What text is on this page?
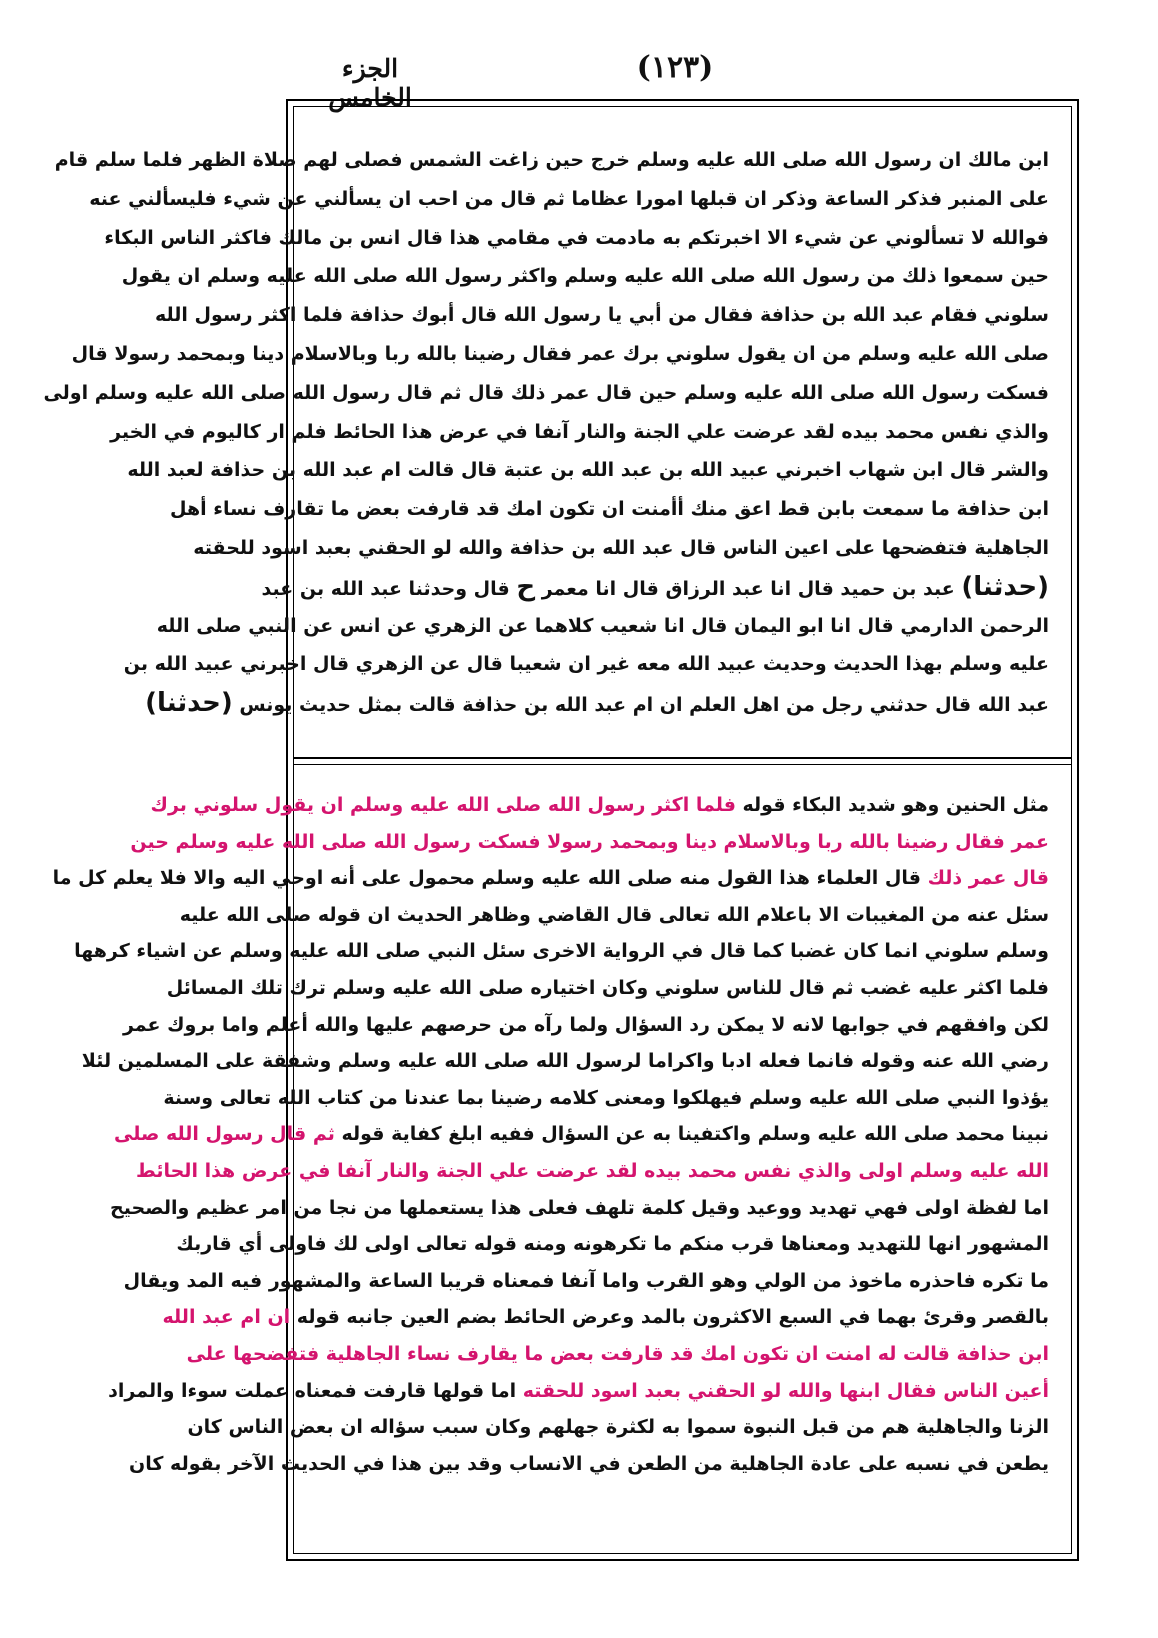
(١٢٣)
الجزء الخامس
ابن مالك ان رسول الله صلى الله عليه وسلم خرج حين زاغت الشمس فصلى لهم صلاة الظهر فلما سلم قام
على المنبر فذكر الساعة وذكر ان قبلها امورا عظاما ثم قال من احب ان يسألني عن شيء فليسألني عنه
فوالله لا تسألوني عن شيء الا اخبرتكم به مادمت في مقامي هذا قال انس بن مالك فاكثر الناس البكاء
حين سمعوا ذلك من رسول الله صلى الله عليه وسلم واكثر رسول الله صلى الله عليه وسلم ان يقول
سلوني فقام عبد الله بن حذافة فقال من أبي يا رسول الله قال أبوك حذافة فلما اكثر رسول الله
صلى الله عليه وسلم من ان يقول سلوني برك عمر فقال رضينا بالله ربا وبالاسلام دينا وبمحمد رسولا قال
فسكت رسول الله صلى الله عليه وسلم حين قال عمر ذلك قال ثم قال رسول الله صلى الله عليه وسلم اولى
والذي نفس محمد بيده لقد عرضت علي الجنة والنار آنفا في عرض هذا الحائط فلم ار كاليوم في الخير
والشر قال ابن شهاب اخبرني عبيد الله بن عبد الله بن عتبة قال قالت ام عبد الله بن حذافة لعبد الله
ابن حذافة ما سمعت بابن قط اعق منك أأمنت ان تكون امك قد قارفت بعض ما تقارف نساء أهل
الجاهلية فتفضحها على اعين الناس قال عبد الله بن حذافة والله لو الحقني بعبد اسود للحقته
(حدثنا) عبد بن حميد قال انا عبد الرزاق قال انا معمر ح قال وحدثنا عبد الله بن عبد
الرحمن الدارمي قال انا ابو اليمان قال انا شعيب كلاهما عن الزهري عن انس عن النبي صلى الله
عليه وسلم بهذا الحديث وحديث عبيد الله معه غير ان شعيبا قال عن الزهري قال اخبرني عبيد الله بن
عبد الله قال حدثني رجل من اهل العلم ان ام عبد الله بن حذافة قالت بمثل حديث يونس (حدثنا)
مثل الحنين وهو شديد البكاء قوله فلما اكثر رسول الله صلى الله عليه وسلم ان يقول سلوني برك
عمر فقال رضينا بالله ربا وبالاسلام دينا وبمحمد رسولا فسكت رسول الله صلى الله عليه وسلم حين
قال عمر ذلك قال العلماء هذا القول منه صلى الله عليه وسلم محمول على أنه اوحي اليه والا فلا يعلم كل ما
سئل عنه من المغيبات الا باعلام الله تعالى قال القاضي وظاهر الحديث ان قوله صلى الله عليه
وسلم سلوني انما كان غضبا كما قال في الرواية الاخرى سئل النبي صلى الله عليه وسلم عن اشياء كرهها
فلما اكثر عليه غضب ثم قال للناس سلوني وكان اختياره صلى الله عليه وسلم ترك تلك المسائل
لكن وافقهم في جوابها لانه لا يمكن رد السؤال ولما رآه من حرصهم عليها والله أعلم واما بروك عمر
رضي الله عنه وقوله فانما فعله ادبا واكراما لرسول الله صلى الله عليه وسلم وشفقة على المسلمين لئلا
يؤذوا النبي صلى الله عليه وسلم فيهلكوا ومعنى كلامه رضينا بما عندنا من كتاب الله تعالى وسنة
نبينا محمد صلى الله عليه وسلم واكتفينا به عن السؤال ففيه ابلغ كفاية قوله ثم قال رسول الله صلى
الله عليه وسلم اولى والذي نفس محمد بيده لقد عرضت علي الجنة والنار آنفا في عرض هذا الحائط
اما لفظة اولى فهي تهديد ووعيد وقيل كلمة تلهف فعلى هذا يستعملها من نجا من امر عظيم والصحيح
المشهور انها للتهديد ومعناها قرب منكم ما تكرهونه ومنه قوله تعالى اولى لك فاولى أي قاربك
ما تكره فاحذره ماخوذ من الولي وهو القرب واما آنفا فمعناه قريبا الساعة والمشهور فيه المد ويقال
بالقصر وقرئ بهما في السبع الاكثرون بالمد وعرض الحائط بضم العين جانبه قوله ان ام عبد الله
ابن حذافة قالت له امنت ان تكون امك قد قارفت بعض ما يقارف نساء الجاهلية فتفضحها على
أعين الناس فقال ابنها والله لو الحقني بعبد اسود للحقته اما قولها قارفت فمعناه عملت سوءا والمراد
الزنا والجاهلية هم من قبل النبوة سموا به لكثرة جهلهم وكان سبب سؤاله ان بعض الناس كان
يطعن في نسبه على عادة الجاهلية من الطعن في الانساب وقد بين هذا في الحديث الآخر بقوله كان
